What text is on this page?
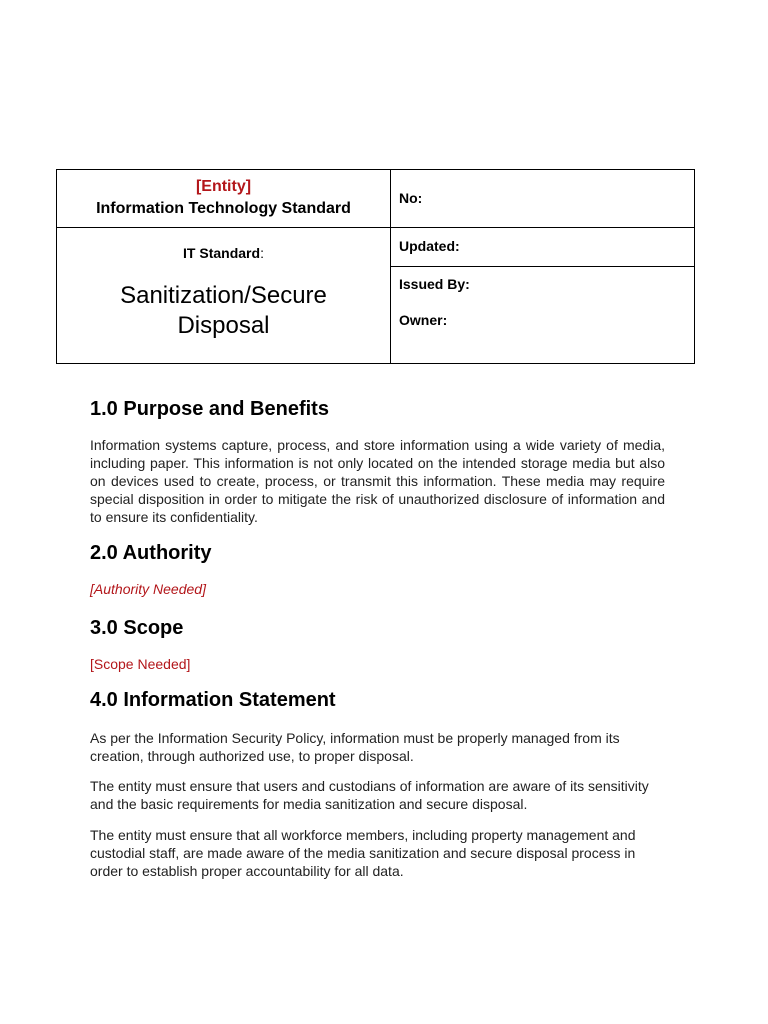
[Entity]
Information Technology Standard
No:
IT Standard:
Sanitization/Secure
Disposal
Updated:
Issued By:
Owner:
1.0 Purpose and Benefits
Information systems capture, process, and store information using a wide variety of media, including paper. This information is not only located on the intended storage media but also on devices used to create, process, or transmit this information. These media may require special disposition in order to mitigate the risk of unauthorized disclosure of information and to ensure its confidentiality.
2.0 Authority
[Authority Needed]
3.0 Scope
[Scope Needed]
4.0 Information Statement
As per the Information Security Policy, information must be properly managed from its creation, through authorized use, to proper disposal.
The entity must ensure that users and custodians of information are aware of its sensitivity and the basic requirements for media sanitization and secure disposal.
The entity must ensure that all workforce members, including property management and custodial staff, are made aware of the media sanitization and secure disposal process in order to establish proper accountability for all data.
